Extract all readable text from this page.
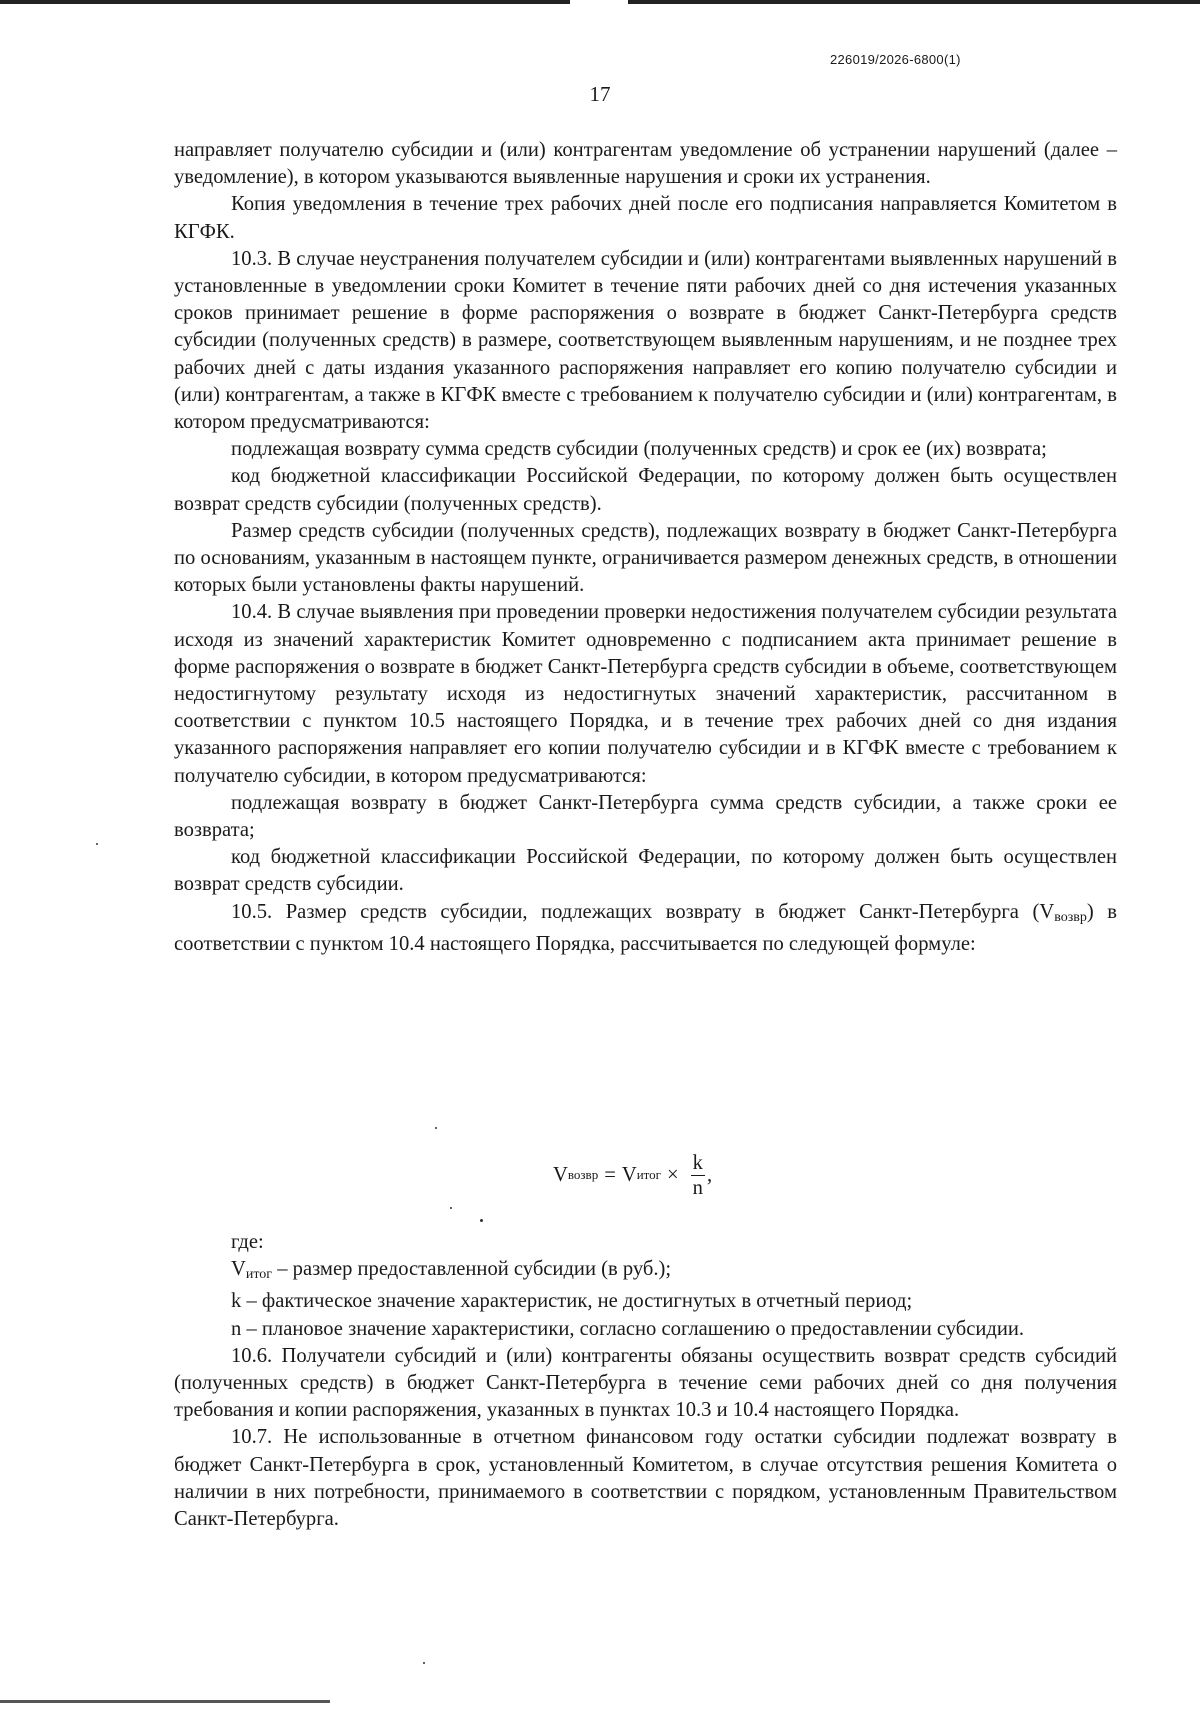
226019/2026-6800(1)
17

направляет получателю субсидии и (или) контрагентам уведомление об устранении нарушений (далее – уведомление), в котором указываются выявленные нарушения и сроки их устранения.

Копия уведомления в течение трех рабочих дней после его подписания направляется Комитетом в КГФК.

10.3. В случае неустранения получателем субсидии и (или) контрагентами выявленных нарушений в установленные в уведомлении сроки Комитет в течение пяти рабочих дней со дня истечения указанных сроков принимает решение в форме распоряжения о возврате в бюджет Санкт-Петербурга средств субсидии (полученных средств) в размере, соответствующем выявленным нарушениям, и не позднее трех рабочих дней с даты издания указанного распоряжения направляет его копию получателю субсидии и (или) контрагентам, а также в КГФК вместе с требованием к получателю субсидии и (или) контрагентам, в котором предусматриваются:

подлежащая возврату сумма средств субсидии (полученных средств) и срок ее (их) возврата;

код бюджетной классификации Российской Федерации, по которому должен быть осуществлен возврат средств субсидии (полученных средств).

Размер средств субсидии (полученных средств), подлежащих возврату в бюджет Санкт-Петербурга по основаниям, указанным в настоящем пункте, ограничивается размером денежных средств, в отношении которых были установлены факты нарушений.

10.4. В случае выявления при проведении проверки недостижения получателем субсидии результата исходя из значений характеристик Комитет одновременно с подписанием акта принимает решение в форме распоряжения о возврате в бюджет Санкт-Петербурга средств субсидии в объеме, соответствующем недостигнутому результату исходя из недостигнутых значений характеристик, рассчитанном в соответствии с пунктом 10.5 настоящего Порядка, и в течение трех рабочих дней со дня издания указанного распоряжения направляет его копии получателю субсидии и в КГФК вместе с требованием к получателю субсидии, в котором предусматриваются:

подлежащая возврату в бюджет Санкт-Петербурга сумма средств субсидии, а также сроки ее возврата;

код бюджетной классификации Российской Федерации, по которому должен быть осуществлен возврат средств субсидии.

10.5. Размер средств субсидии, подлежащих возврату в бюджет Санкт-Петербурга (Vвозвр) в соответствии с пунктом 10.4 настоящего Порядка, рассчитывается по следующей формуле:

V возвр = V итог × $\frac{k}{n}$ ,

где:

Vитог – размер предоставленной субсидии (в руб.);

k – фактическое значение характеристик, не достигнутых в отчетный период;

n – плановое значение характеристики, согласно соглашению о предоставлении субсидии.

10.6. Получатели субсидий и (или) контрагенты обязаны осуществить возврат средств субсидий (полученных средств) в бюджет Санкт-Петербурга в течение семи рабочих дней со дня получения требования и копии распоряжения, указанных в пунктах 10.3 и 10.4 настоящего Порядка.

10.7. Не использованные в отчетном финансовом году остатки субсидии подлежат возврату в бюджет Санкт-Петербурга в срок, установленный Комитетом, в случае отсутствия решения Комитета о наличии в них потребности, принимаемого в соответствии с порядком, установленным Правительством Санкт-Петербурга.
